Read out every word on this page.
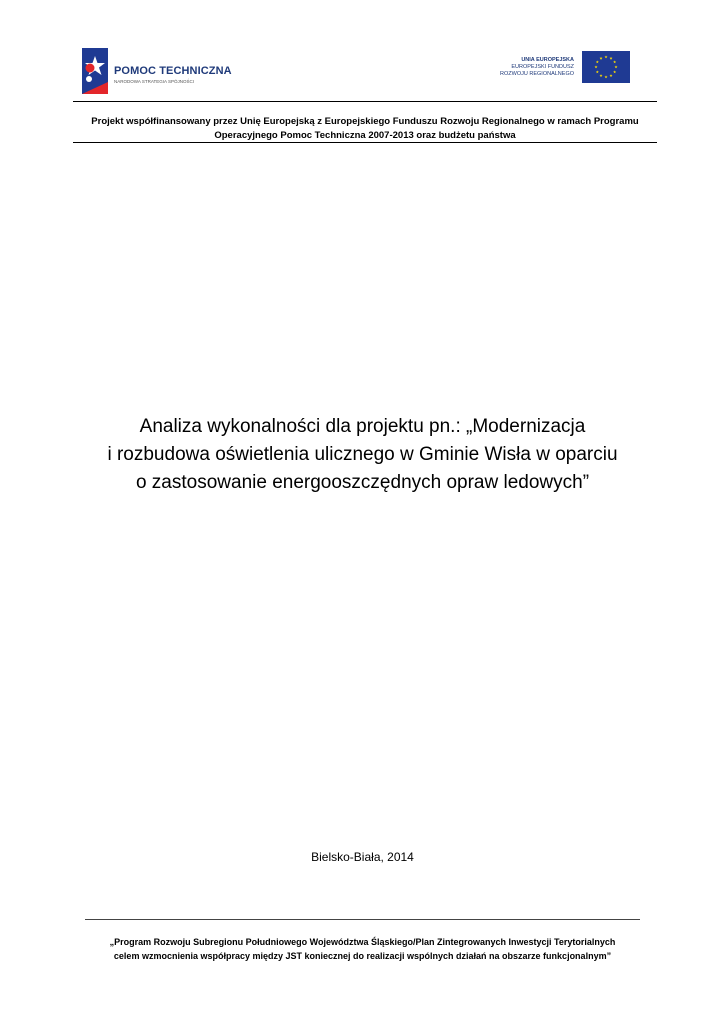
POMOC TECHNICZNA
NARODOWA STRATEGIA SPÓJNOŚCI
UNIA EUROPEJSKA
EUROPEJSKI FUNDUSZ
ROZWOJU REGIONALNEGO
Projekt współfinansowany przez Unię Europejską z Europejskiego Funduszu Rozwoju Regionalnego w ramach Programu
Operacyjnego Pomoc Techniczna 2007-2013 oraz budżetu państwa
Analiza wykonalności dla projektu pn.: „Modernizacja
i rozbudowa oświetlenia ulicznego w Gminie Wisła w oparciu
o zastosowanie energooszczędnych opraw ledowych”
Bielsko-Biała, 2014
„Program Rozwoju Subregionu Południowego Województwa Śląskiego/Plan Zintegrowanych Inwestycji Terytorialnych
celem wzmocnienia współpracy między JST koniecznej do realizacji wspólnych działań na obszarze funkcjonalnym”
